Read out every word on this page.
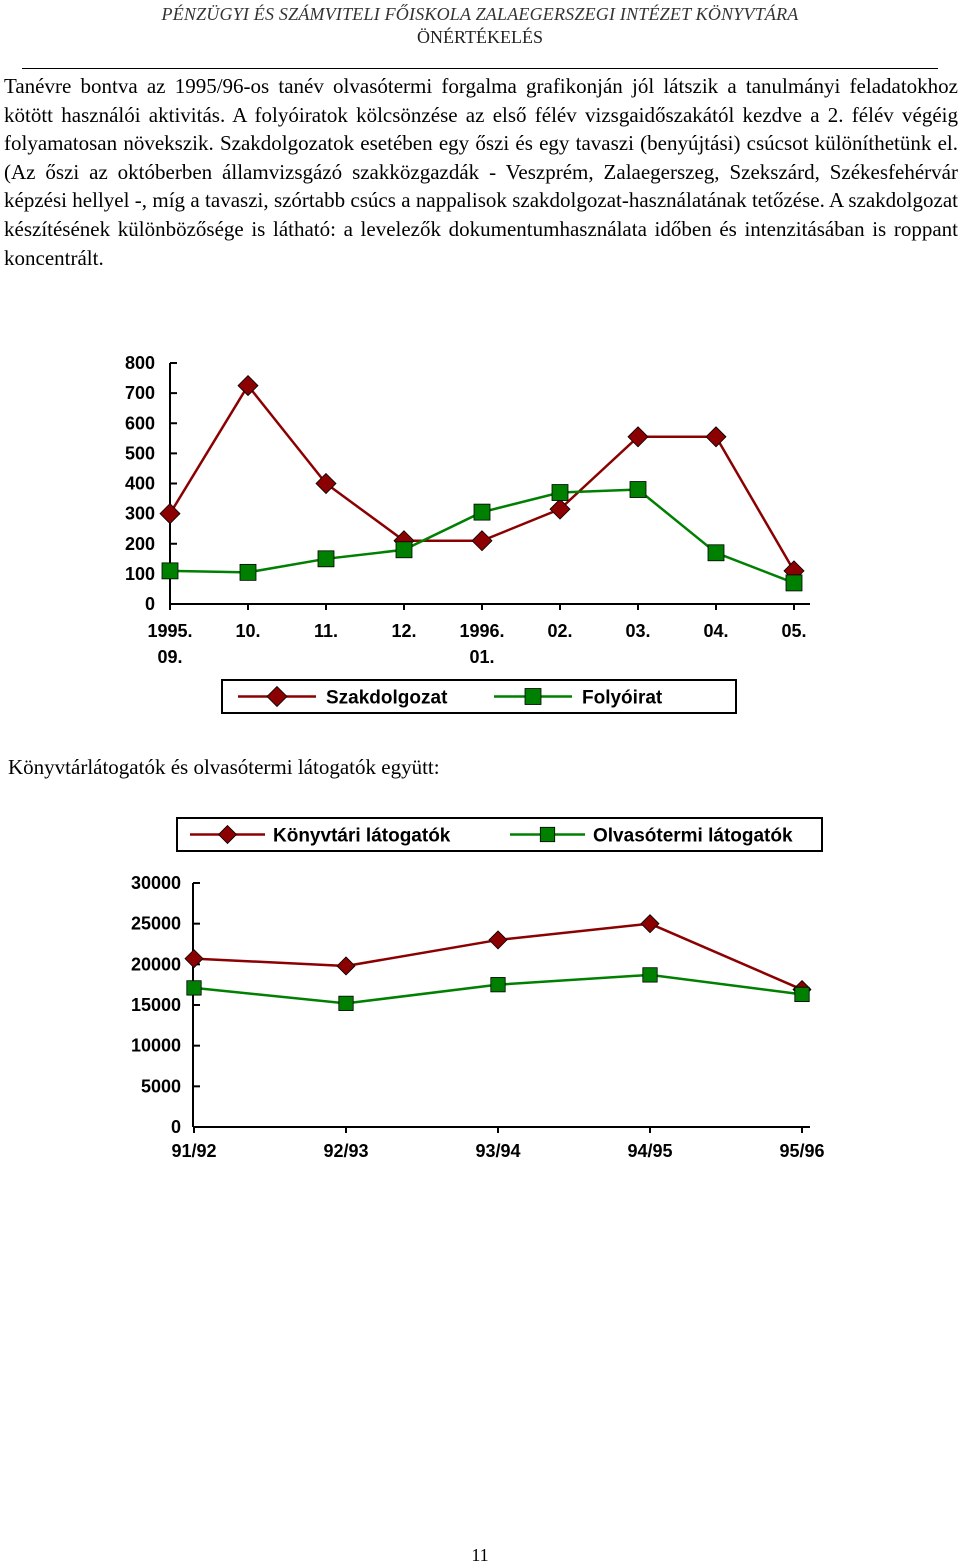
PÉNZÜGYI ÉS SZÁMVITELI FŐISKOLA ZALAEGERSZEGI INTÉZET KÖNYVTÁRA
ÖNÉRTÉKELÉS
Tanévre bontva az 1995/96-os tanév olvasótermi forgalma grafikonján jól látszik a tanulmányi feladatokhoz kötött használói aktivitás. A folyóiratok kölcsönzése az első félév vizsgaidőszakától kezdve a 2. félév végéig folyamatosan növekszik. Szakdolgozatok esetében egy őszi és egy tavaszi (benyújtási) csúcsot különíthetünk el. (Az őszi az októberben államvizsgázó szakközgazdák - Veszprém, Zalaegerszeg, Szekszárd, Székesfehérvár képzési hellyel -, míg a tavaszi, szórtabb csúcs a nappalisok szakdolgozat-használatának tetőzése. A szakdolgozat készítésének különbözősége is látható: a levelezők dokumentumhasználata időben és intenzitásában is roppant koncentrált.
0
100
200
300
400
500
600
700
800
1995.
09.
10.	11.	12. 1996.
01.
02.	03.	04.	05.
Szakdolgozat	Folyóirat
Könyvtárlátogatók és olvasótermi látogatók együtt:
0
5000
10000
15000
20000
25000
30000
91/92	92/93	93/94	94/95	95/96
Könyvtári látogatók	Olvasótermi látogatók
11
